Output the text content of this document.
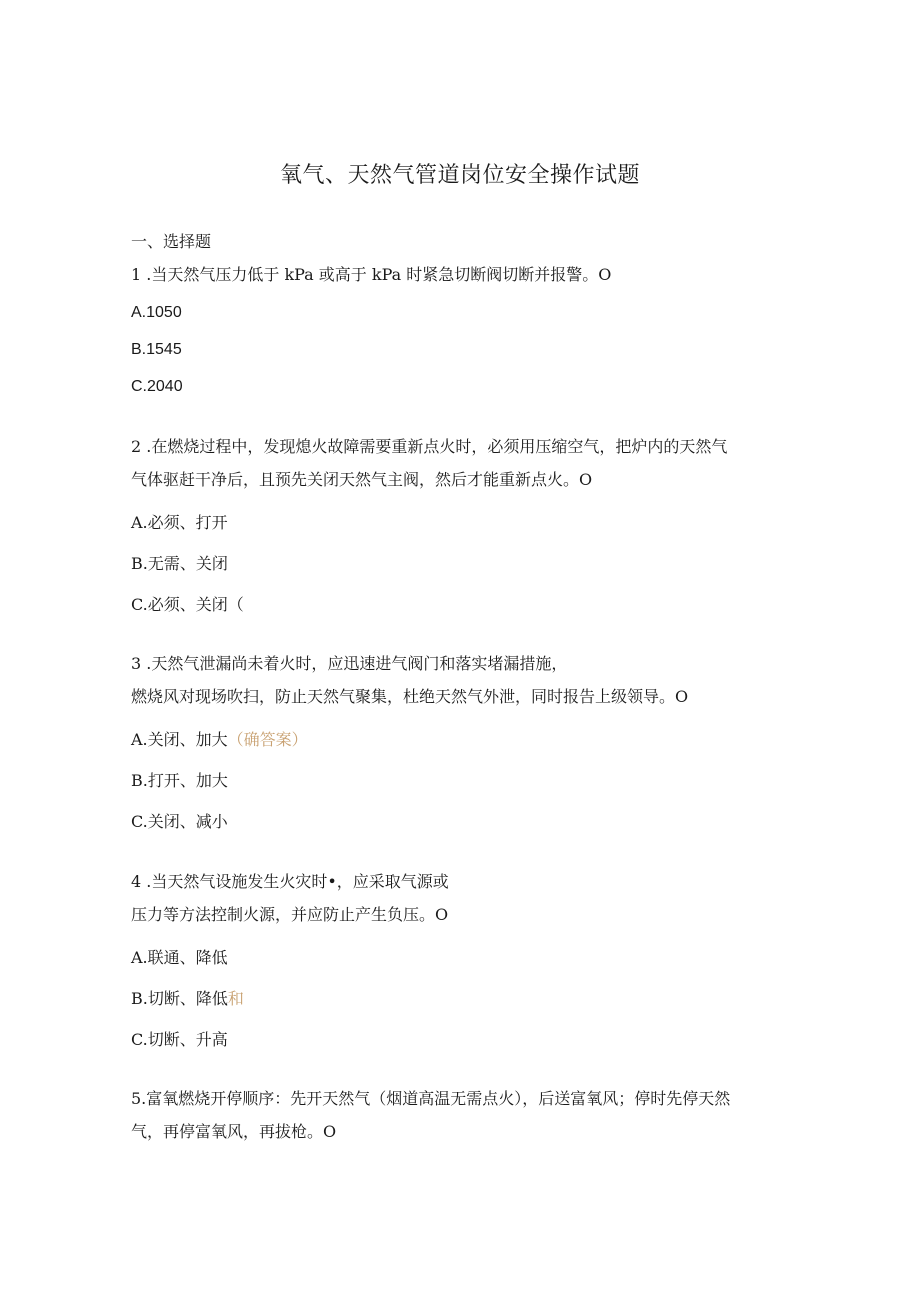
氧气、天然气管道岗位安全操作试题
一、选择题
1 .当天然气压力低于 kPa 或高于 kPa 时紧急切断阀切断并报警。O
A.1050
B.1545
C.2040
2 .在燃烧过程中，发现熄火故障需要重新点火时，必须用压缩空气，把炉内的天然气
气体驱赶干净后，且预先关闭天然气主阀，然后才能重新点火。O
A.必须、打开
B.无需、关闭
C.必须、关闭（
3 .天然气泄漏尚未着火时，应迅速进气阀门和落实堵漏措施，
燃烧风对现场吹扫，防止天然气聚集，杜绝天然气外泄，同时报告上级领导。O
A.关闭、加大（确答案）
B.打开、加大
C.关闭、减小
4 .当天然气设施发生火灾时•，应采取气源或
压力等方法控制火源，并应防止产生负压。O
A.联通、降低
B.切断、降低和
C.切断、升高
5.富氧燃烧开停顺序：先开天然气（烟道高温无需点火），后送富氧风；停时先停天然
气，再停富氧风，再拔枪。O
